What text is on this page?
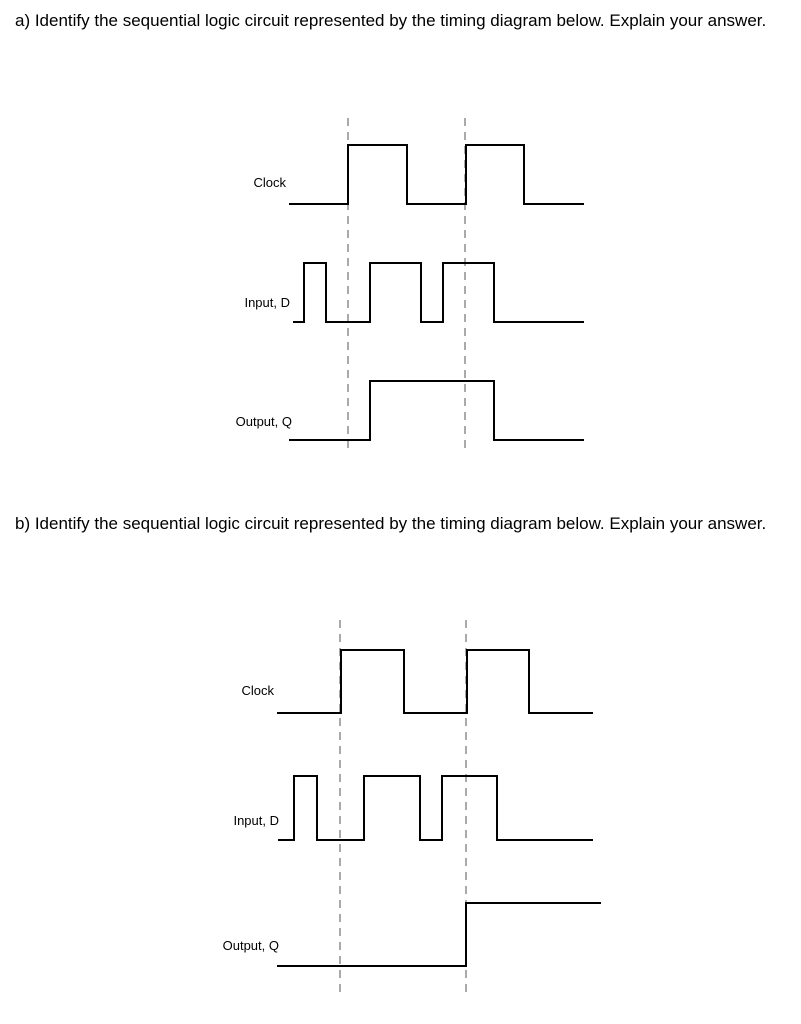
a) Identify the sequential logic circuit represented by the timing diagram below. Explain your answer.

Clock
Input, D
Output, Q

b) Identify the sequential logic circuit represented by the timing diagram below. Explain your answer.

Clock
Input, D
Output, Q
